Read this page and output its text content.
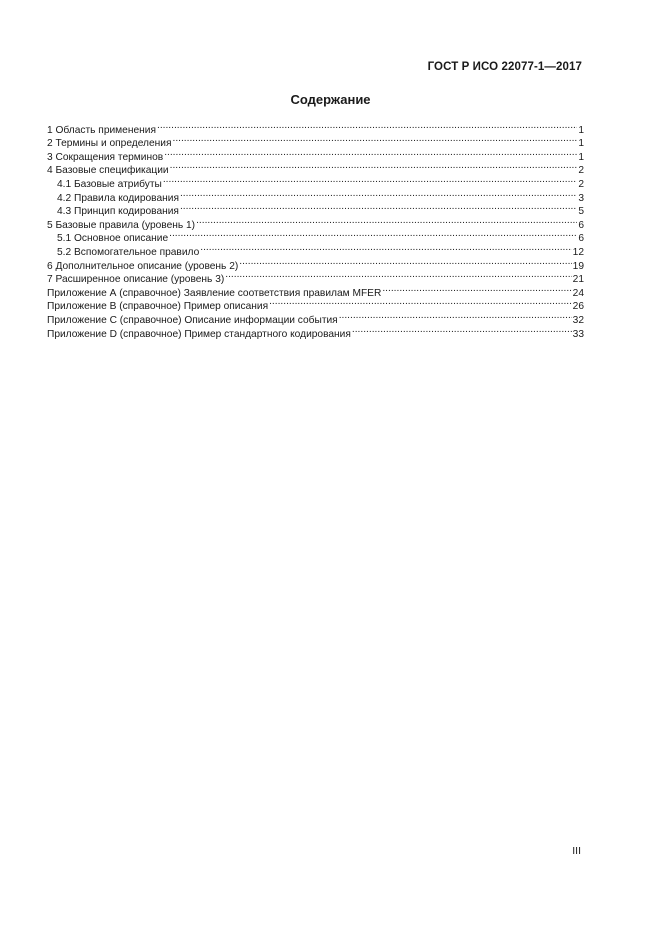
ГОСТ Р ИСО 22077-1—2017
Содержание
1 Область применения .....	1
2 Термины и определения .....	1
3 Сокращения терминов .....	1
4 Базовые спецификации .....	2
4.1 Базовые атрибуты .....	2
4.2 Правила кодирования .....	3
4.3 Принцип кодирования .....	5
5 Базовые правила (уровень 1) .....	6
5.1 Основное описание .....	6
5.2 Вспомогательное правило .....	12
6 Дополнительное описание (уровень 2) .....	19
7 Расширенное описание (уровень 3) .....	21
Приложение А (справочное) Заявление соответствия правилам MFER .....	24
Приложение В (справочное) Пример описания .....	26
Приложение С (справочное) Описание информации события .....	32
Приложение D (справочное) Пример стандартного кодирования .....	33
III
